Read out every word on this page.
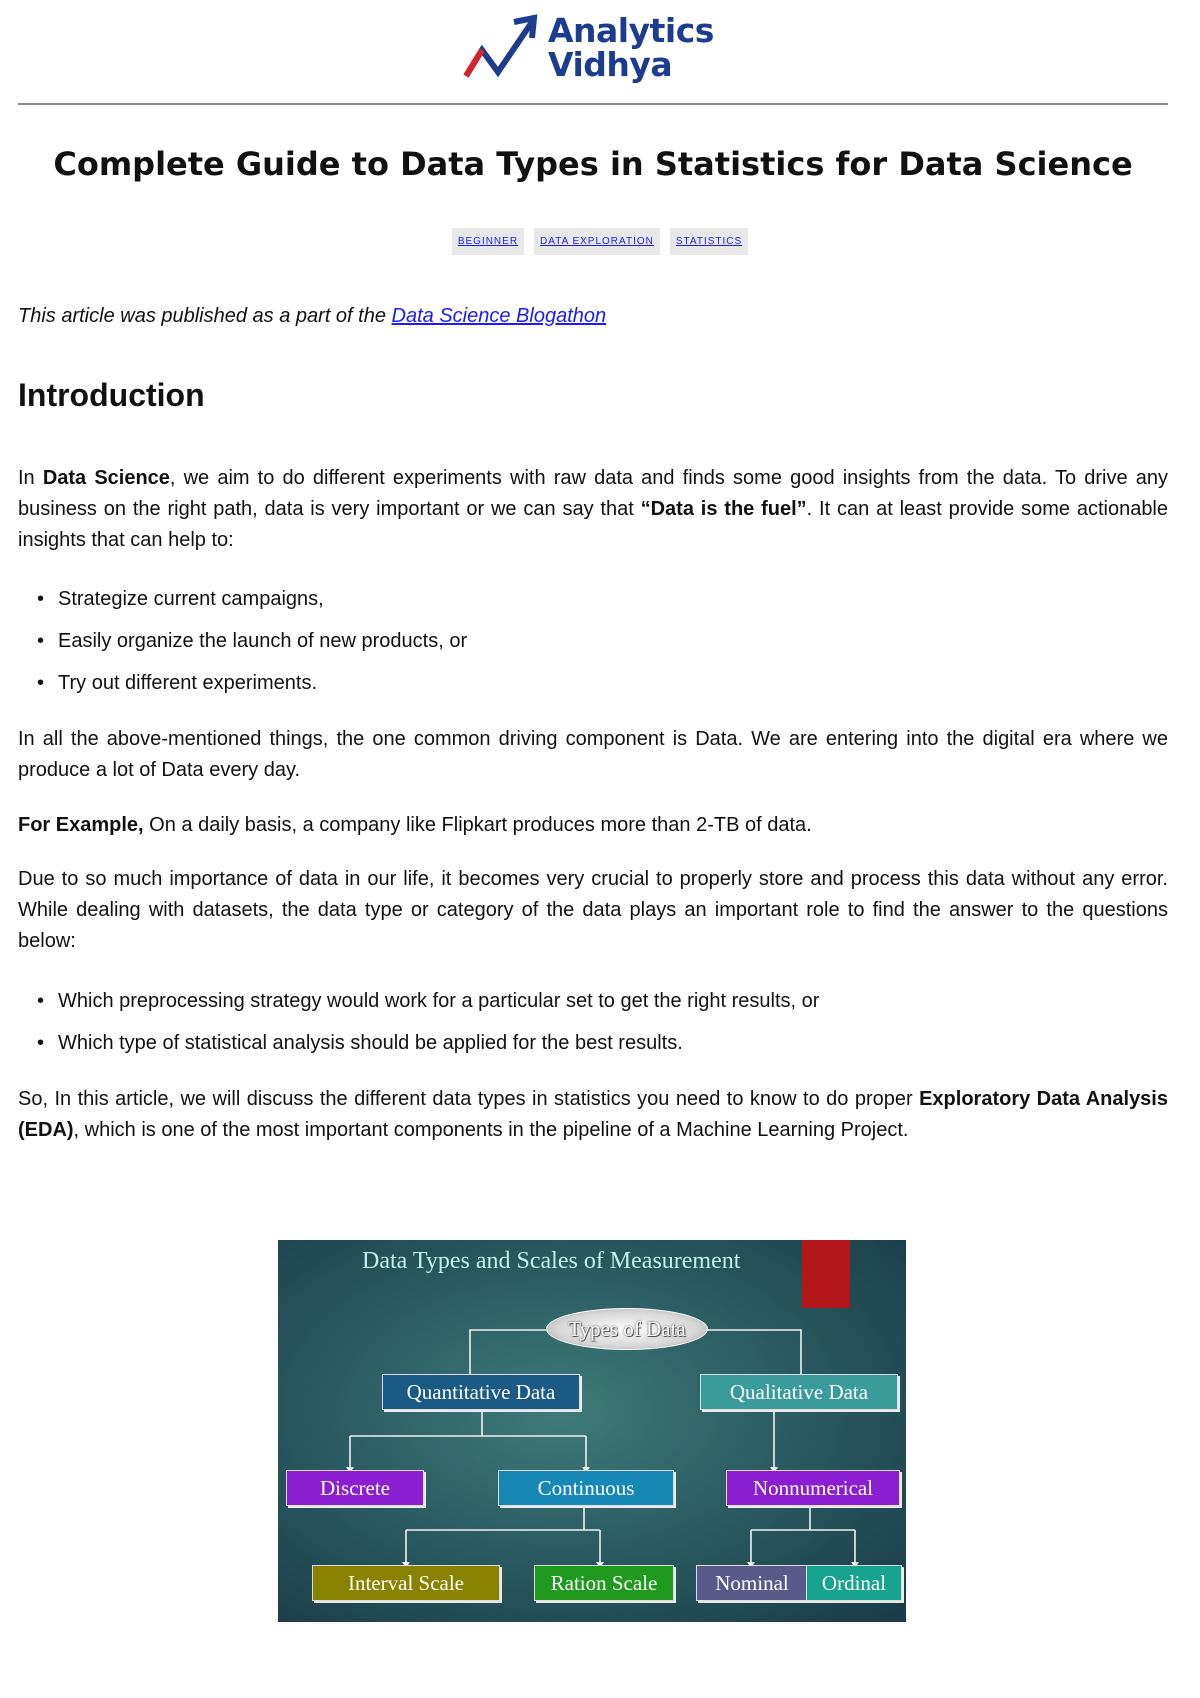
Analytics
Vidhya
Complete Guide to Data Types in Statistics for Data Science
BEGINNER	DATA EXPLORATION	STATISTICS
This article was published as a part of the Data Science Blogathon
Introduction

In Data Science, we aim to do different experiments with raw data and finds some good insights from the data. To drive any business on the right path, data is very important or we can say that “Data is the fuel”. It can at least provide some actionable insights that can help to:

• Strategize current campaigns,
• Easily organize the launch of new products, or
• Try out different experiments.

In all the above-mentioned things, the one common driving component is Data. We are entering into the digital era where we produce a lot of Data every day.

For Example, On a daily basis, a company like Flipkart produces more than 2-TB of data.

Due to so much importance of data in our life, it becomes very crucial to properly store and process this data without any error. While dealing with datasets, the data type or category of the data plays an important role to find the answer to the questions below:

• Which preprocessing strategy would work for a particular set to get the right results, or
• Which type of statistical analysis should be applied for the best results.

So, In this article, we will discuss the different data types in statistics you need to know to do proper Exploratory Data Analysis (EDA), which is one of the most important components in the pipeline of a Machine Learning Project.

Data Types and Scales of Measurement
Types of Data
Quantitative Data	Qualitative Data
Discrete	Continuous	Nonnumerical
Interval Scale	Ration Scale	Nominal	Ordinal
